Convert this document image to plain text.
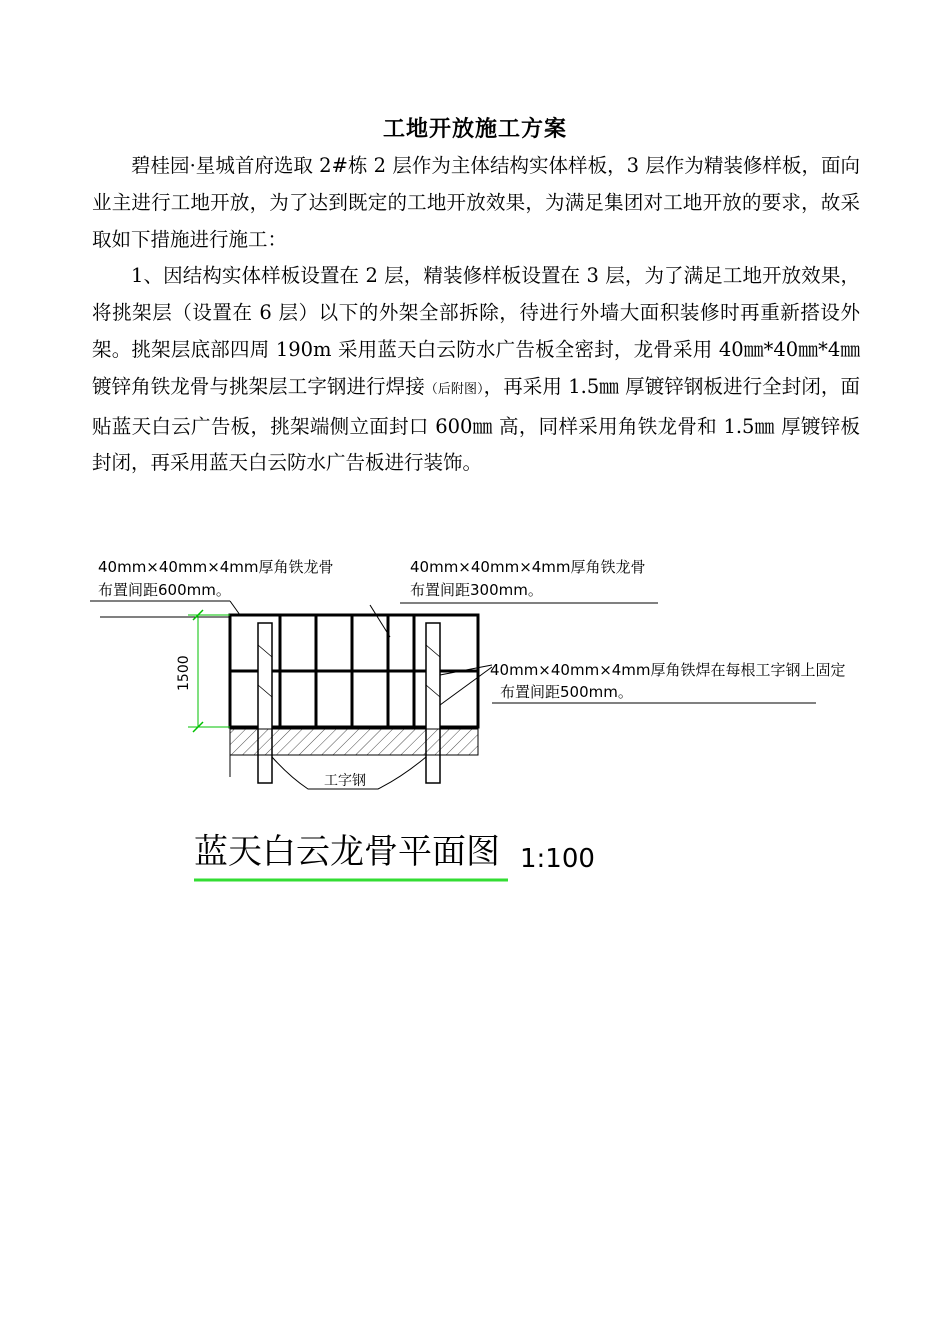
工地开放施工方案

碧桂园·星城首府选取 2#栋 2 层作为主体结构实体样板，3 层作为精装修样板，面向业主进行工地开放，为了达到既定的工地开放效果，为满足集团对工地开放的要求，故采取如下措施进行施工：

1、因结构实体样板设置在 2 层，精装修样板设置在 3 层，为了满足工地开放效果，将挑架层（设置在 6 层）以下的外架全部拆除，待进行外墙大面积装修时再重新搭设外架。挑架层底部四周 190m 采用蓝天白云防水广告板全密封，龙骨采用 40㎜*40㎜*4㎜ 镀锌角铁龙骨与挑架层工字钢进行焊接（后附图），再采用 1.5㎜ 厚镀锌钢板进行全封闭，面贴蓝天白云广告板，挑架端侧立面封口 600㎜ 高，同样采用角铁龙骨和 1.5㎜ 厚镀锌板封闭，再采用蓝天白云防水广告板进行装饰。

40mm×40mm×4mm厚角铁龙骨
布置间距600mm。
40mm×40mm×4mm厚角铁龙骨
布置间距300mm。
工字钢
40mm×40mm×4mm厚角铁焊在每根工字钢上固定
布置间距500mm。
1500
蓝天白云龙骨平面图 1:100
